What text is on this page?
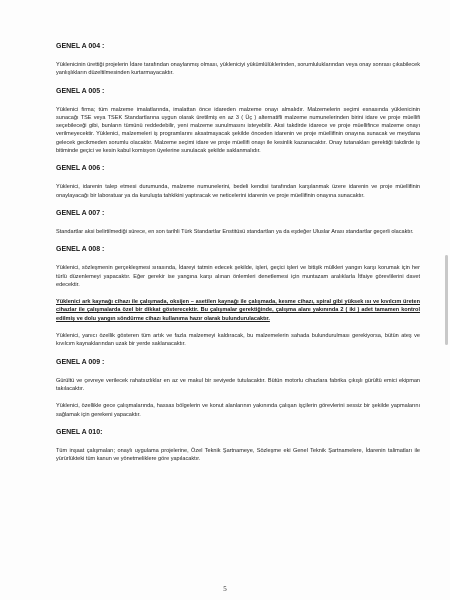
GENEL A 004 :
Yüklenicinin ürettiği projelerin İdare tarafından onaylanmış olması, yükleniciyi yükümlülüklerinden, sorumluluklarından veya onay sonrası çıkabilecek yanlışlıkların düzeltilmesinden kurtarmayacaktır.
GENEL A 005 :
Yüklenici firma; tüm malzeme imalatlarında, imalattan önce idareden malzeme onayı almalıdır. Malzemelerin seçimi esnasında yüklenicinin sunacağı TSE veya TSEK Standartlarına uygun olarak üretilmiş en az 3 ( Üç ) alternatifli malzeme numunelerinden birini idare ve proje müellifi seçebileceği gibi, bunların tümünü reddedebilir, yeni malzeme sunulmasını isteyebilir. Aksi takdirde idarece ve proje müellifince malzeme onayı verilmeyecektir. Yüklenici, malzemeleri iş programlarını aksatmayacak şekilde önceden idarenin ve proje müellifinin onayına sunacak ve meydana gelecek gecikmeden sorumlu olacaktır. Malzeme seçimi idare ve proje müellifi onayı ile kesinlik kazanacaktır. Onay tutanakları gerektiği takdirde iş bitiminde geçici ve kesin kabul komisyon üyelerine sunulacak şekilde saklanmalıdır.
GENEL A 006 :
Yüklenici, idarenin talep etmesi durumunda, malzeme numunelerini, bedeli kendisi tarafından karşılanmak üzere idarenin ve proje müellifinin onaylayacağı bir laboratuar ya da kuruluşta tahkikini yaptıracak ve neticelerini idarenin ve proje müellifinin onayına sunacaktır.
GENEL A 007 :
Standartlar aksi belirtilmediği sürece, en son tarihli Türk Standartlar Enstitüsü standartları ya da eşdeğer Uluslar Arası standartlar geçerli olacaktır.
GENEL A 008 :
Yüklenici, sözleşmenin gerçekleşmesi sırasında, İdareyi tatmin edecek şekilde, işleri, geçici işleri ve bitişik mülkleri yangın karşı korumak için her türlü düzenlemeyi yapacaktır. Eğer gerekir ise yangına karşı alınan önlemleri denetlemesi için muntazam aralıklarla İtfaiye görevlilerini davet edecektir.
Yüklenici ark kaynağı cihazı ile çalışmada, oksijen – asetilen kaynağı ile çalışmada, kesme cihazı, spiral gibi yüksek ısı ve kıvılcım üreten cihazlar ile çalışmalarda özel bir dikkat gösterecektir. Bu çalışmalar gerektiğinde, çalışma alanı yakınında 2 ( iki ) adet tamamen kontrol edilmiş ve dolu yangın söndürme cihazı kullanıma hazır olarak bulundurulacaktır.
Yüklenici, yanıcı özellik gösteren tüm artık ve fazla malzemeyi kaldıracak, bu malzemelerin sahada bulundurulması gerekiyorsa, bütün ateş ve kıvılcım kaynaklarından uzak bir yerde saklanacaktır.
GENEL A 009 :
Gürültü ve çevreye verilecek rahatsızlıklar en az ve makul bir seviyede tutulacaktır. Bütün motorlu cihazlara fabrika çıkışlı gürültü emici ekipman takılacaktır.
Yüklenici, özellikle gece çalışmalarında, hassas bölgelerin ve konut alanlarının yakınında çalışan işçilerin görevlerini sessiz bir şekilde yapmalarını sağlamak için gerekeni yapacaktır.
GENEL A 010:
Tüm inşaat çalışmaları; onaylı uygulama projelerine, Özel Teknik Şartnameye, Sözleşme eki Genel Teknik Şartnamelere, İdarenin talimatları ile yürürlükteki tüm kanun ve yönetmeliklere göre yapılacaktır.
5
